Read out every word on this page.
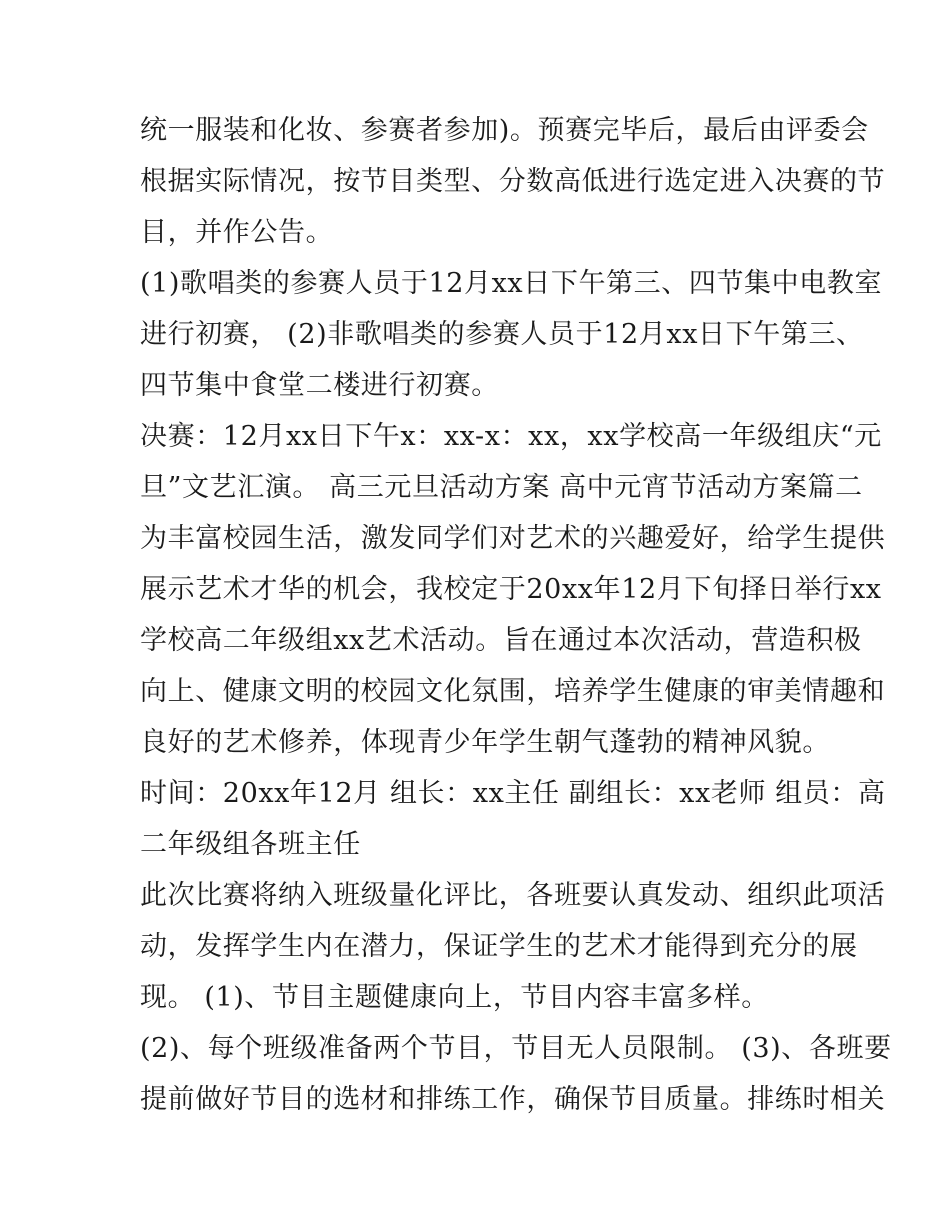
统一服装和化妆、参赛者参加)。预赛完毕后，最后由评委会
根据实际情况，按节目类型、分数高低进行选定进入决赛的节
目，并作公告。
(1)歌唱类的参赛人员于12月xx日下午第三、四节集中电教室
进行初赛， (2)非歌唱类的参赛人员于12月xx日下午第三、
四节集中食堂二楼进行初赛。
决赛：12月xx日下午x：xx-x：xx，xx学校高一年级组庆“元
旦”文艺汇演。 高三元旦活动方案 高中元宵节活动方案篇二
为丰富校园生活，激发同学们对艺术的兴趣爱好，给学生提供
展示艺术才华的机会，我校定于20xx年12月下旬择日举行xx
学校高二年级组xx艺术活动。旨在通过本次活动，营造积极
向上、健康文明的校园文化氛围，培养学生健康的审美情趣和
良好的艺术修养，体现青少年学生朝气蓬勃的精神风貌。
时间：20xx年12月 组长：xx主任 副组长：xx老师 组员：高
二年级组各班主任
此次比赛将纳入班级量化评比，各班要认真发动、组织此项活
动，发挥学生内在潜力，保证学生的艺术才能得到充分的展
现。 (1)、节目主题健康向上，节目内容丰富多样。
(2)、每个班级准备两个节目，节目无人员限制。 (3)、各班要
提前做好节目的选材和排练工作，确保节目质量。排练时相关
